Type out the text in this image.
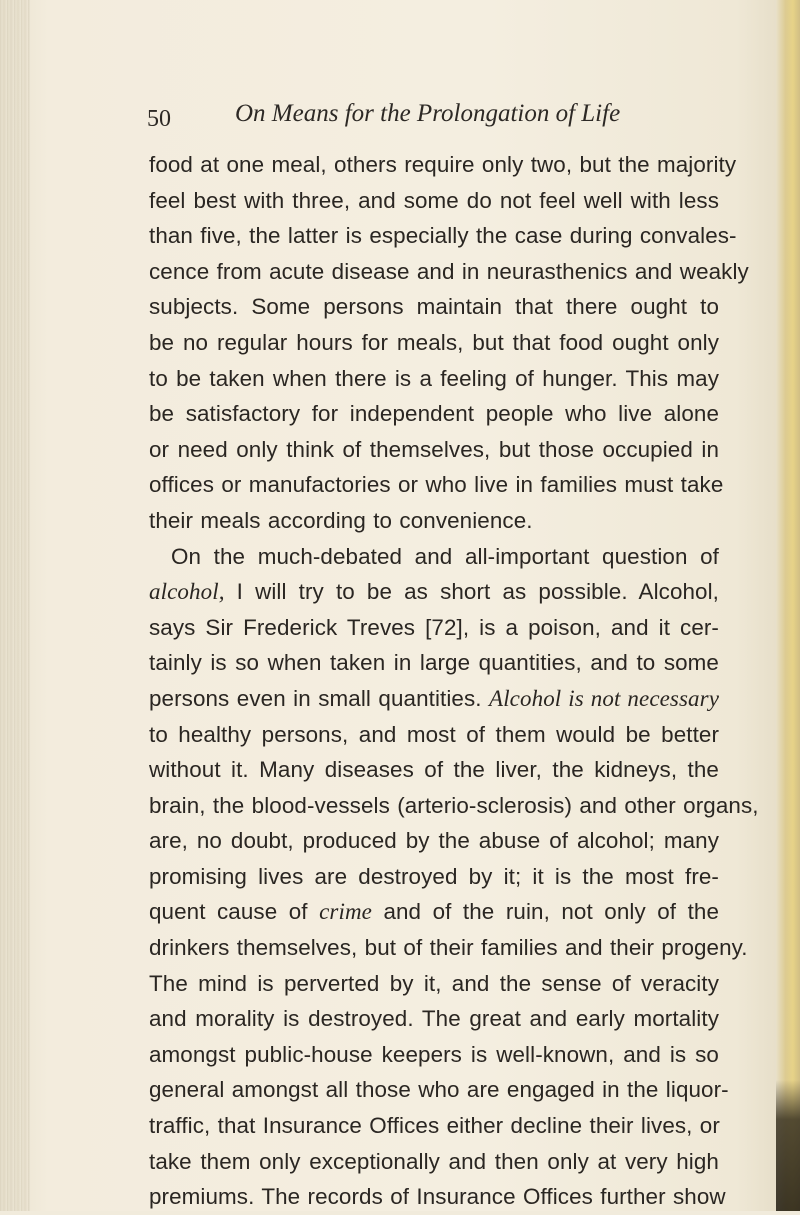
50	On Means for the Prolongation of Life
food at one meal, others require only two, but the majority
feel best with three, and some do not feel well with less
than five, the latter is especially the case during convales-
cence from acute disease and in neurasthenics and weakly
subjects. Some persons maintain that there ought to
be no regular hours for meals, but that food ought only
to be taken when there is a feeling of hunger. This may
be satisfactory for independent people who live alone
or need only think of themselves, but those occupied in
offices or manufactories or who live in families must take
their meals according to convenience.
On the much-debated and all-important question of
alcohol, I will try to be as short as possible. Alcohol,
says Sir Frederick Treves [72], is a poison, and it cer-
tainly is so when taken in large quantities, and to some
persons even in small quantities. Alcohol is not necessary
to healthy persons, and most of them would be better
without it. Many diseases of the liver, the kidneys, the
brain, the blood-vessels (arterio-sclerosis) and other organs,
are, no doubt, produced by the abuse of alcohol; many
promising lives are destroyed by it; it is the most fre-
quent cause of crime and of the ruin, not only of the
drinkers themselves, but of their families and their progeny.
The mind is perverted by it, and the sense of veracity
and morality is destroyed. The great and early mortality
amongst public-house keepers is well-known, and is so
general amongst all those who are engaged in the liquor-
traffic, that Insurance Offices either decline their lives, or
take them only exceptionally and then only at very high
premiums. The records of Insurance Offices further show
